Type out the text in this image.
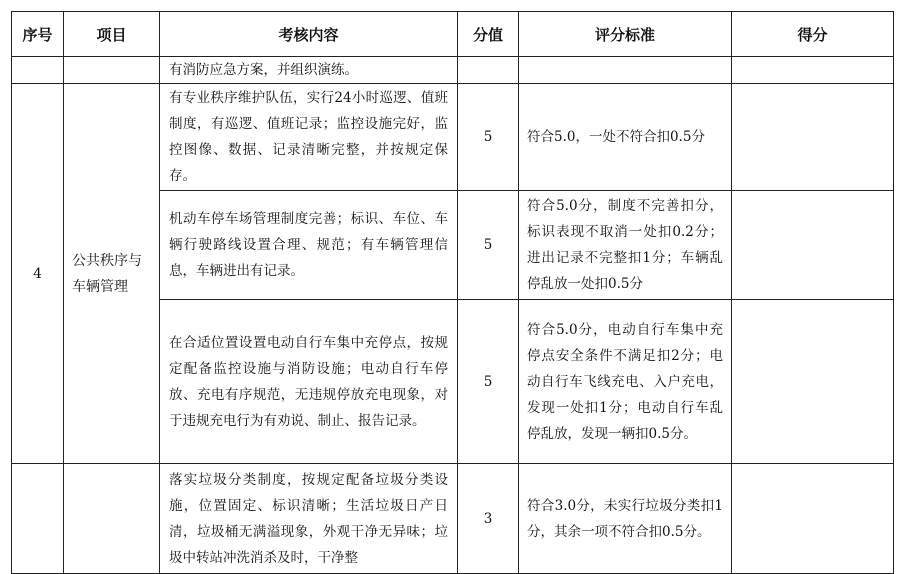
序号	项目	考核内容	分值	评分标准	得分

		有消防应急方案，并组织演练。			

4	公共秩序与车辆管理	有专业秩序维护队伍，实行24小时巡逻、值班制度，有巡逻、值班记录；监控设施完好，监控图像、数据、记录清晰完整，并按规定保存。	5	符合5.0，一处不符合扣0.5分	

		机动车停车场管理制度完善；标识、车位、车辆行驶路线设置合理、规范；有车辆管理信息，车辆进出有记录。	5	符合5.0分，制度不完善扣分，标识表现不取消一处扣0.2分；进出记录不完整扣1分；车辆乱停乱放一处扣0.5分	

		在合适位置设置电动自行车集中充停点，按规定配备监控设施与消防设施；电动自行车停放、充电有序规范，无违规停放充电现象，对于违规充电行为有劝说、制止、报告记录。	5	符合5.0分，电动自行车集中充停点安全条件不满足扣2分；电动自行车飞线充电、入户充电，发现一处扣1分；电动自行车乱停乱放，发现一辆扣0.5分。	

		落实垃圾分类制度，按规定配备垃圾分类设施，位置固定、标识清晰；生活垃圾日产日清，垃圾桶无满溢现象，外观干净无异味；垃圾中转站冲洗消杀及时，干净整	3	符合3.0分，未实行垃圾分类扣1分，其余一项不符合扣0.5分。	
